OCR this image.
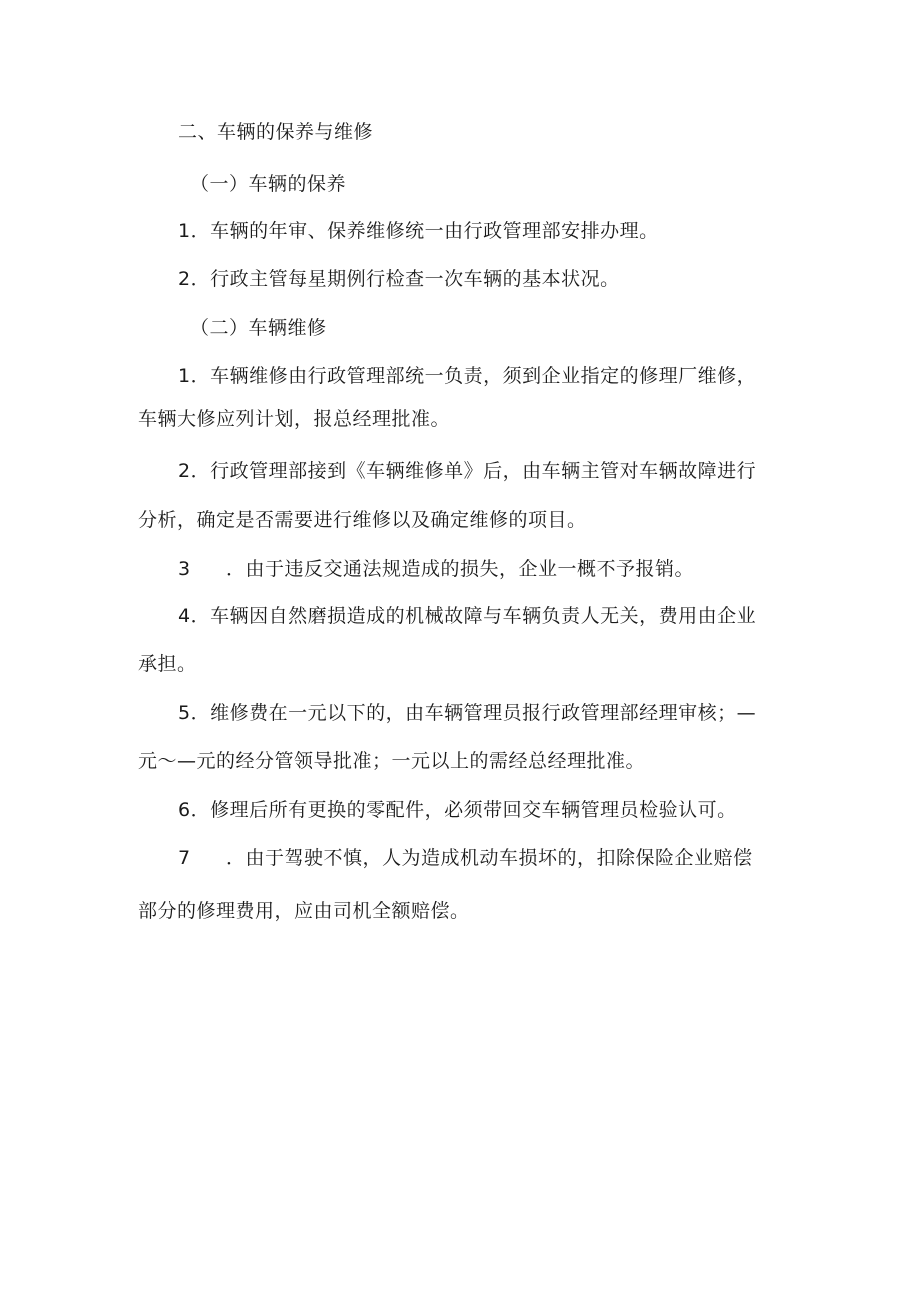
二、车辆的保养与维修
（一）车辆的保养
1．车辆的年审、保养维修统一由行政管理部安排办理。
2．行政主管每星期例行检查一次车辆的基本状况。
（二）车辆维修
1．车辆维修由行政管理部统一负责，须到企业指定的修理厂维修，
车辆大修应列计划，报总经理批准。
2．行政管理部接到《车辆维修单》后，由车辆主管对车辆故障进行
分析，确定是否需要进行维修以及确定维修的项目。
3 ．由于违反交通法规造成的损失，企业一概不予报销。
4．车辆因自然磨损造成的机械故障与车辆负责人无关，费用由企业
承担。
5．维修费在一元以下的，由车辆管理员报行政管理部经理审核；—
元～—元的经分管领导批准；一元以上的需经总经理批准。
6．修理后所有更换的零配件，必须带回交车辆管理员检验认可。
7 ．由于驾驶不慎，人为造成机动车损坏的，扣除保险企业赔偿
部分的修理费用，应由司机全额赔偿。
